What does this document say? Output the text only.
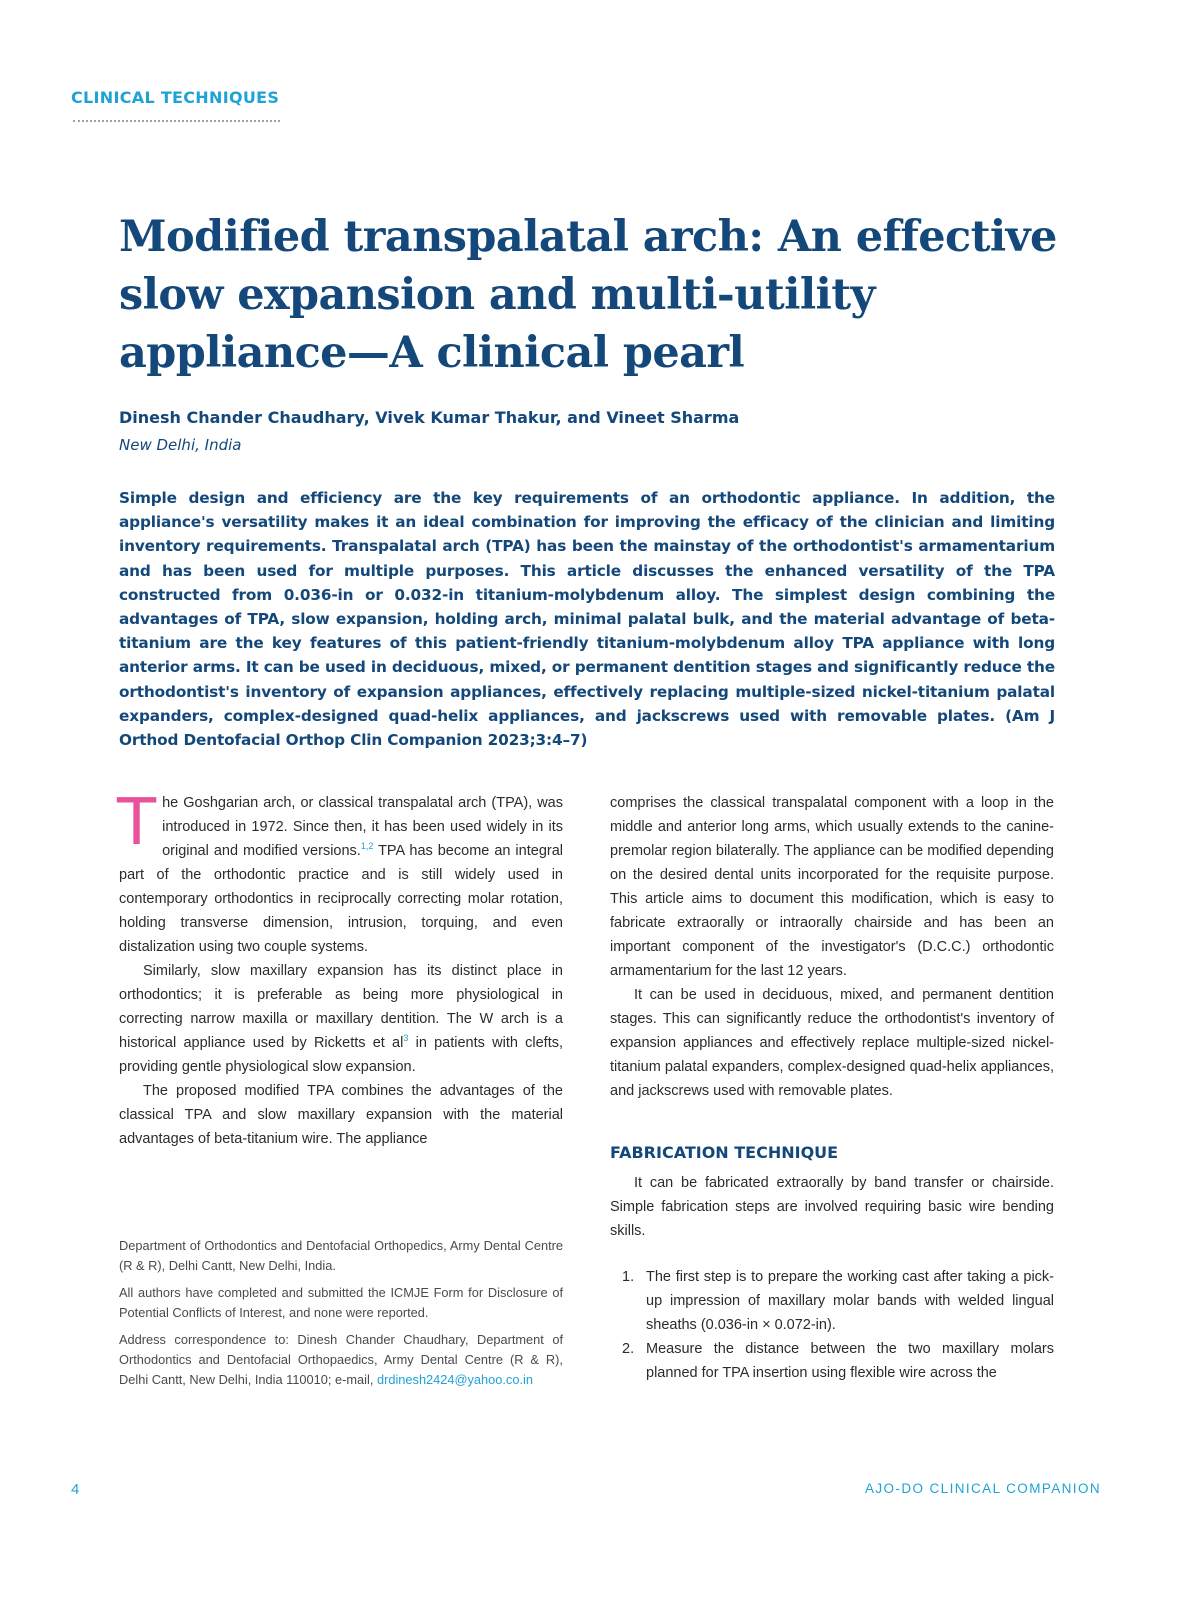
CLINICAL TECHNIQUES
Modified transpalatal arch: An effective slow expansion and multi-utility appliance—A clinical pearl
Dinesh Chander Chaudhary, Vivek Kumar Thakur, and Vineet Sharma
New Delhi, India

Simple design and efficiency are the key requirements of an orthodontic appliance. In addition, the appliance's versatility makes it an ideal combination for improving the efficacy of the clinician and limiting inventory requirements. Transpalatal arch (TPA) has been the mainstay of the orthodontist's armamentarium and has been used for multiple purposes. This article discusses the enhanced versatility of the TPA constructed from 0.036-in or 0.032-in titanium-molybdenum alloy. The simplest design combining the advantages of TPA, slow expansion, holding arch, minimal palatal bulk, and the material advantage of beta-titanium are the key features of this patient-friendly titanium-molybdenum alloy TPA appliance with long anterior arms. It can be used in deciduous, mixed, or permanent dentition stages and significantly reduce the orthodontist's inventory of expansion appliances, effectively replacing multiple-sized nickel-titanium palatal expanders, complex-designed quad-helix appliances, and jackscrews used with removable plates. (Am J Orthod Dentofacial Orthop Clin Companion 2023;3:4–7)

The Goshgarian arch, or classical transpalatal arch (TPA), was introduced in 1972. Since then, it has been used widely in its original and modified versions.$^{1,2}$ TPA has become an integral part of the orthodontic practice and is still widely used in contemporary orthodontics in reciprocally correcting molar rotation, holding transverse dimension, intrusion, torquing, and even distalization using two couple systems.

Similarly, slow maxillary expansion has its distinct place in orthodontics; it is preferable as being more physiological in correcting narrow maxilla or maxillary dentition. The W arch is a historical appliance used by Ricketts et $al^3$ in patients with clefts, providing gentle physiological slow expansion.

The proposed modified TPA combines the advantages of the classical TPA and slow maxillary expansion with the material advantages of beta-titanium wire. The appliance

Department of Orthodontics and Dentofacial Orthopedics, Army Dental Centre (R & R), Delhi Cantt, New Delhi, India.

All authors have completed and submitted the ICMJE Form for Disclosure of Potential Conflicts of Interest, and none were reported.

Address correspondence to: Dinesh Chander Chaudhary, Department of Orthodontics and Dentofacial Orthopaedics, Army Dental Centre (R & R), Delhi Cantt, New Delhi, India 110010; e-mail, drdinesh2424@yahoo.co.in

comprises the classical transpalatal component with a loop in the middle and anterior long arms, which usually extends to the canine-premolar region bilaterally. The appliance can be modified depending on the desired dental units incorporated for the requisite purpose. This article aims to document this modification, which is easy to fabricate extraorally or intraorally chairside and has been an important component of the investigator's (D.C.C.) orthodontic armamentarium for the last 12 years.

It can be used in deciduous, mixed, and permanent dentition stages. This can significantly reduce the orthodontist's inventory of expansion appliances and effectively replace multiple-sized nickel-titanium palatal expanders, complex-designed quad-helix appliances, and jackscrews used with removable plates.

FABRICATION TECHNIQUE

It can be fabricated extraorally by band transfer or chairside. Simple fabrication steps are involved requiring basic wire bending skills.

1. The first step is to prepare the working cast after taking a pick-up impression of maxillary molar bands with welded lingual sheaths (0.036-in × 0.072-in).
2. Measure the distance between the two maxillary molars planned for TPA insertion using flexible wire across the
4	AJO-DO CLINICAL COMPANION
